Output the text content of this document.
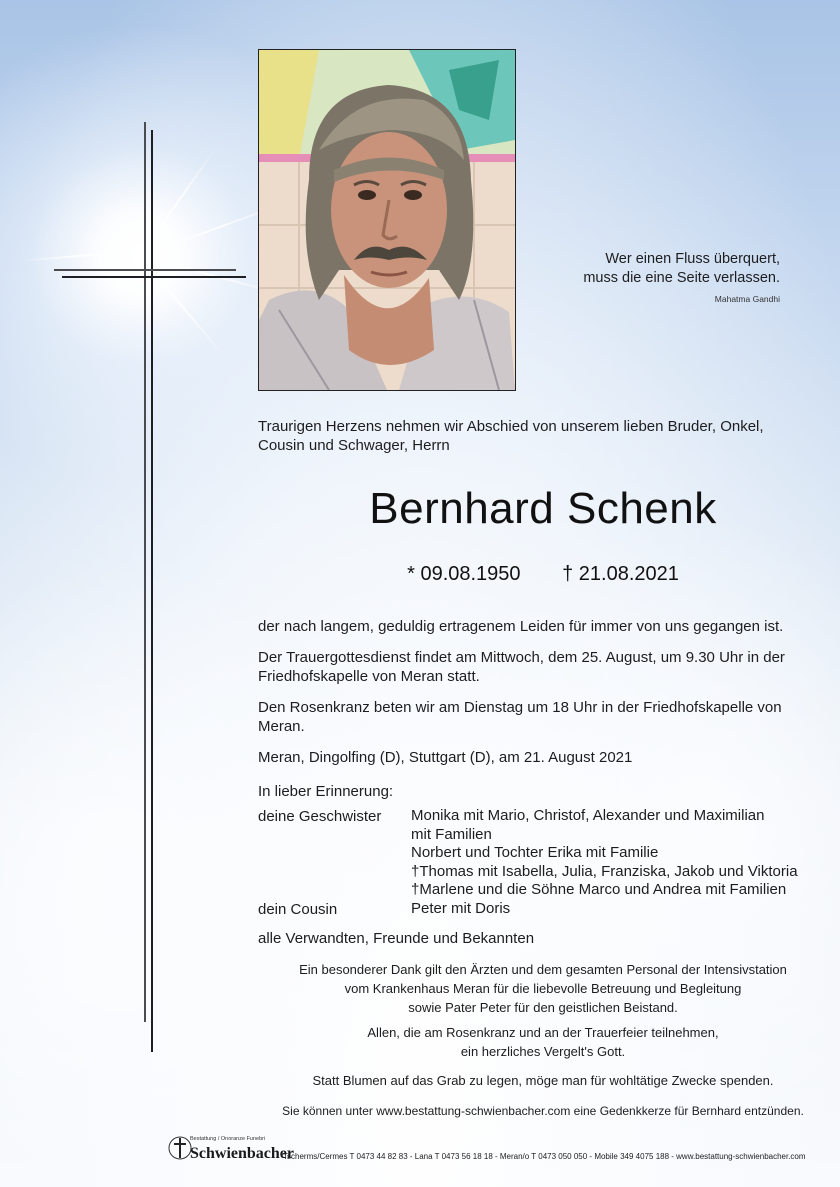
Wer einen Fluss überquert,
muss die eine Seite verlassen.
Mahatma Gandhi
Traurigen Herzens nehmen wir Abschied von unserem lieben Bruder, Onkel, Cousin und Schwager, Herrn
Bernhard Schenk
* 09.08.1950 † 21.08.2021
der nach langem, geduldig ertragenem Leiden für immer von uns gegangen ist.
Der Trauergottesdienst findet am Mittwoch, dem 25. August, um 9.30 Uhr in der Friedhofskapelle von Meran statt.
Den Rosenkranz beten wir am Dienstag um 18 Uhr in der Friedhofskapelle von Meran.
Meran, Dingolfing (D), Stuttgart (D), am 21. August 2021
In lieber Erinnerung:
deine Geschwister Monika mit Mario, Christof, Alexander und Maximilian
mit Familien
Norbert und Tochter Erika mit Familie
†Thomas mit Isabella, Julia, Franziska, Jakob und Viktoria
†Marlene und die Söhne Marco und Andrea mit Familien
dein Cousin	Peter mit Doris
alle Verwandten, Freunde und Bekannten
Ein besonderer Dank gilt den Ärzten und dem gesamten Personal der Intensivstation
vom Krankenhaus Meran für die liebevolle Betreuung und Begleitung
sowie Pater Peter für den geistlichen Beistand.
Allen, die am Rosenkranz und an der Trauerfeier teilnehmen,
ein herzliches Vergelt's Gott.
Statt Blumen auf das Grab zu legen, möge man für wohltätige Zwecke spenden.
Sie können unter www.bestattung-schwienbacher.com eine Gedenkkerze für Bernhard entzünden.
Bestattung / Onoranze Funebri
Schwienbacher
Tscherms/Cermes T 0473 44 82 83 - Lana T 0473 56 18 18 - Meran/o T 0473 050 050 - Mobile 349 4075 188 - www.bestattung-schwienbacher.com
